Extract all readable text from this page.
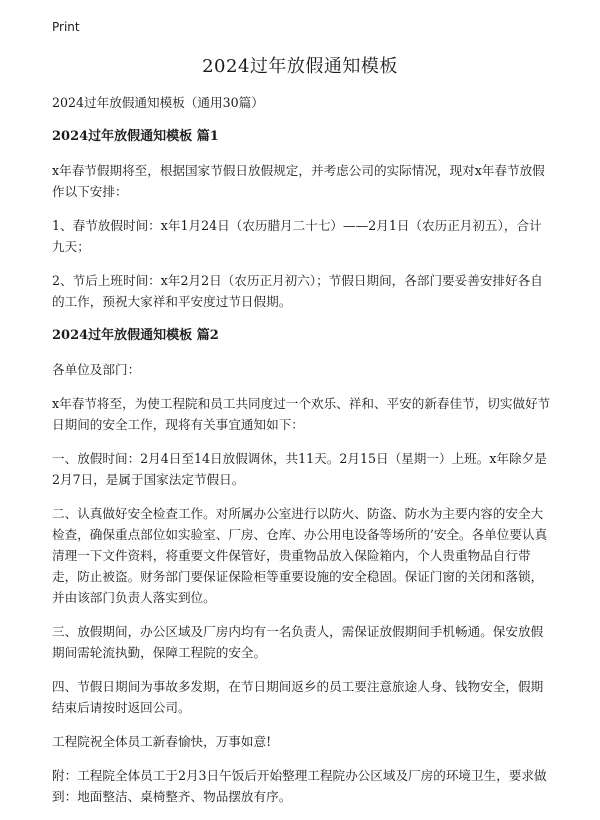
Print
2024过年放假通知模板

2024过年放假通知模板（通用30篇）

2024过年放假通知模板 篇1

x年春节假期将至，根据国家节假日放假规定，并考虑公司的实际情况，现对x年春节放假作以下安排：

1、春节放假时间：x年1月24日（农历腊月二十七）——2月1日（农历正月初五），合计九天；

2、节后上班时间：x年2月2日（农历正月初六）；节假日期间，各部门要妥善安排好各自的工作，预祝大家祥和平安度过节日假期。

2024过年放假通知模板 篇2

各单位及部门：

x年春节将至，为使工程院和员工共同度过一个欢乐、祥和、平安的新春佳节，切实做好节日期间的安全工作，现将有关事宜通知如下：

一、放假时间：2月4日至14日放假调休，共11天。2月15日（星期一）上班。x年除夕是2月7日，是属于国家法定节假日。

二、认真做好安全检查工作。对所属办公室进行以防火、防盗、防水为主要内容的安全大检查，确保重点部位如实验室、厂房、仓库、办公用电设备等场所的’安全。各单位要认真清理一下文件资料，将重要文件保管好，贵重物品放入保险箱内，个人贵重物品自行带走，防止被盗。财务部门要保证保险柜等重要设施的安全稳固。保证门窗的关闭和落锁，并由该部门负责人落实到位。

三、放假期间，办公区域及厂房内均有一名负责人，需保证放假期间手机畅通。保安放假期间需轮流执勤，保障工程院的安全。

四、节假日期间为事故多发期，在节日期间返乡的员工要注意旅途人身、钱物安全，假期结束后请按时返回公司。

工程院祝全体员工新春愉快，万事如意!

附：工程院全体员工于2月3日午饭后开始整理工程院办公区域及厂房的环境卫生，要求做到：地面整洁、桌椅整齐、物品摆放有序。
